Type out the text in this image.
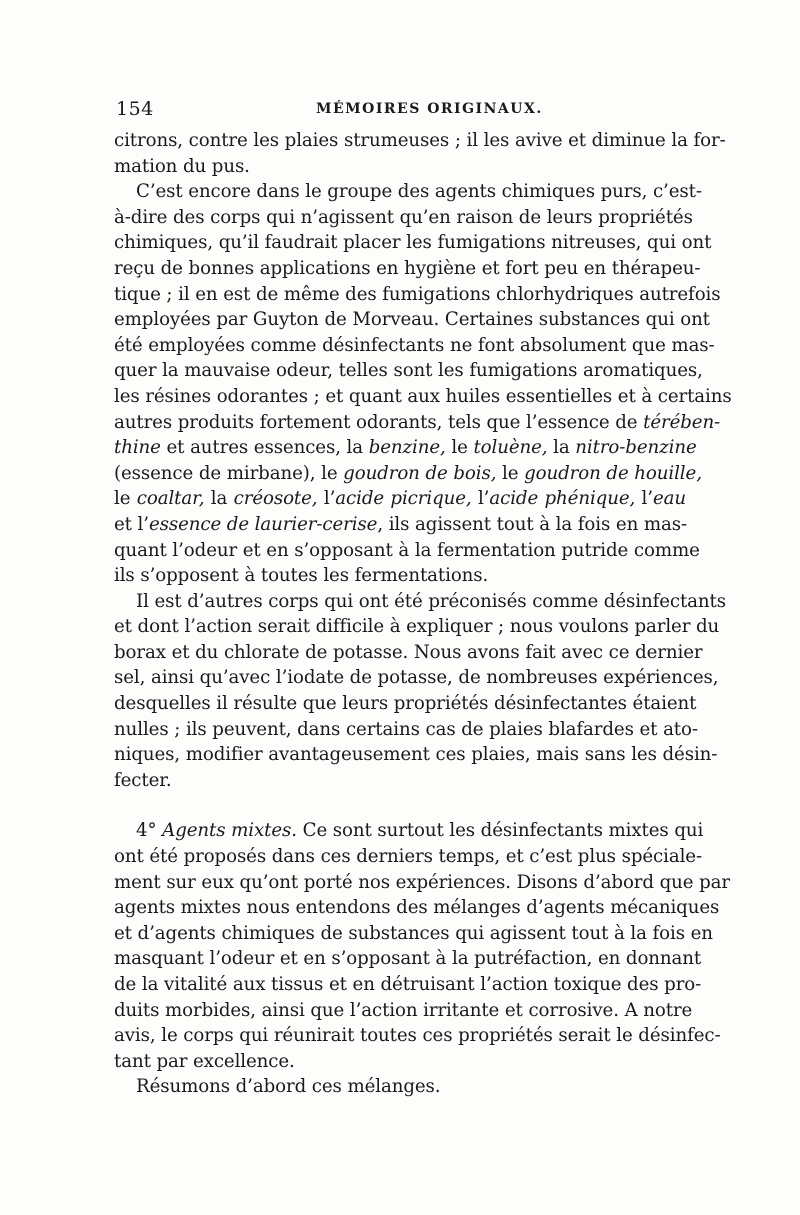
154	MÉMOIRES ORIGINAUX.
citrons, contre les plaies strumeuses ; il les avive et diminue la for-
mation du pus.
C’est encore dans le groupe des agents chimiques purs, c’est-
à-dire des corps qui n’agissent qu’en raison de leurs propriétés
chimiques, qu’il faudrait placer les fumigations nitreuses, qui ont
reçu de bonnes applications en hygiène et fort peu en thérapeu-
tique ; il en est de même des fumigations chlorhydriques autrefois
employées par Guyton de Morveau. Certaines substances qui ont
été employées comme désinfectants ne font absolument que mas-
quer la mauvaise odeur, telles sont les fumigations aromatiques,
les résines odorantes ; et quant aux huiles essentielles et à certains
autres produits fortement odorants, tels que l’essence de térében-
thine et autres essences, la benzine, le toluène, la nitro-benzine
(essence de mirbane), le goudron de bois, le goudron de houille,
le coaltar, la créosote, l’acide picrique, l’acide phénique, l’eau
et l’essence de laurier-cerise, ils agissent tout à la fois en mas-
quant l’odeur et en s’opposant à la fermentation putride comme
ils s’opposent à toutes les fermentations.
Il est d’autres corps qui ont été préconisés comme désinfectants
et dont l’action serait difficile à expliquer ; nous voulons parler du
borax et du chlorate de potasse. Nous avons fait avec ce dernier
sel, ainsi qu’avec l’iodate de potasse, de nombreuses expériences,
desquelles il résulte que leurs propriétés désinfectantes étaient
nulles ; ils peuvent, dans certains cas de plaies blafardes et ato-
niques, modifier avantageusement ces plaies, mais sans les désin-
fecter.
4° Agents mixtes. Ce sont surtout les désinfectants mixtes qui
ont été proposés dans ces derniers temps, et c’est plus spéciale-
ment sur eux qu’ont porté nos expériences. Disons d’abord que par
agents mixtes nous entendons des mélanges d’agents mécaniques
et d’agents chimiques de substances qui agissent tout à la fois en
masquant l’odeur et en s’opposant à la putréfaction, en donnant
de la vitalité aux tissus et en détruisant l’action toxique des pro-
duits morbides, ainsi que l’action irritante et corrosive. A notre
avis, le corps qui réunirait toutes ces propriétés serait le désinfec-
tant par excellence.
Résumons d’abord ces mélanges.
